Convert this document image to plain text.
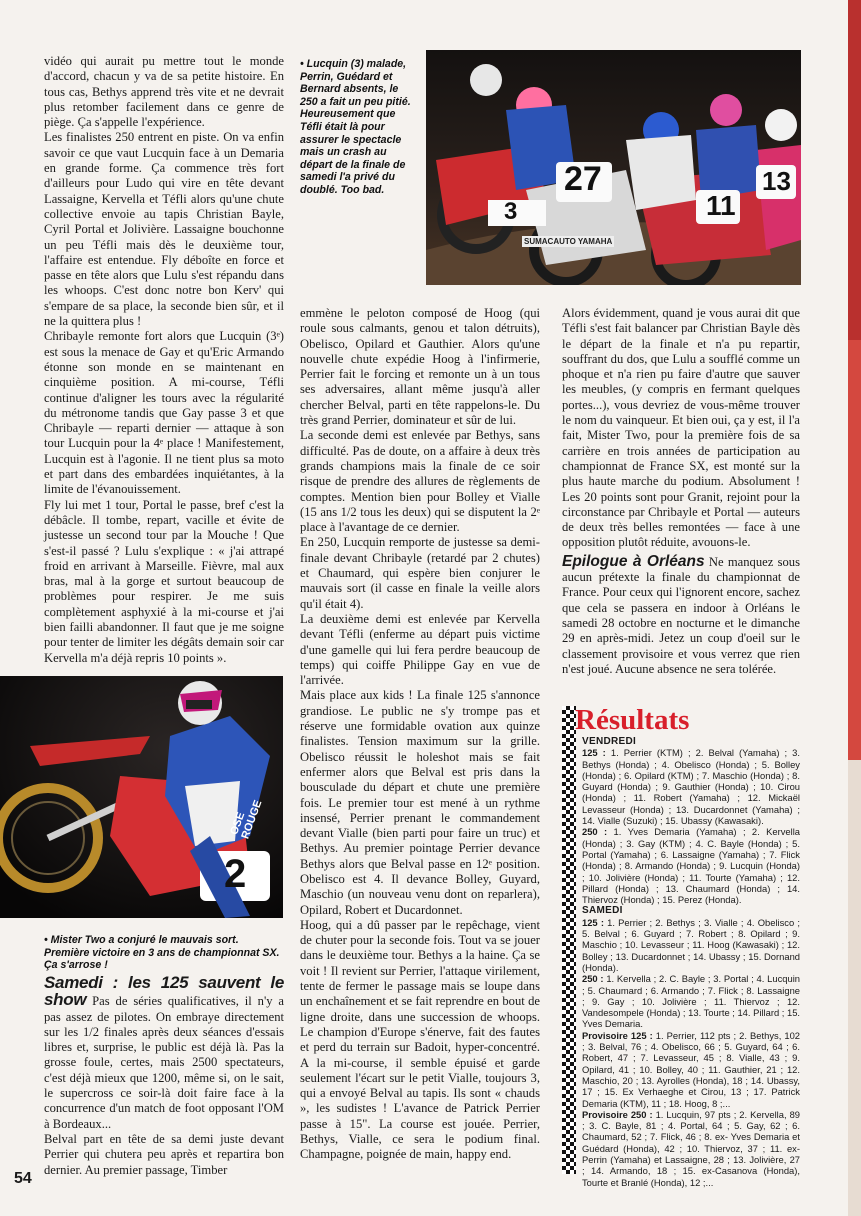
vidéo qui aurait pu mettre tout le monde d'accord, chacun y va de sa petite histoire. En tous cas, Bethys apprend très vite et ne devrait plus retomber facilement dans ce genre de piège. Ça s'appelle l'expérience.

Les finalistes 250 entrent en piste. On va enfin savoir ce que vaut Lucquin face à un Demaria en grande forme. Ça commence très fort d'ailleurs pour Ludo qui vire en tête devant Lassaigne, Kervella et Téfli alors qu'une chute collective envoie au tapis Christian Bayle, Cyril Portal et Jolivière. Lassaigne bouchonne un peu Téfli mais dès le deuxième tour, l'affaire est entendue. Fly déboîte en force et passe en tête alors que Lulu s'est répandu dans les whoops. C'est donc notre bon Kerv' qui s'empare de sa place, la seconde bien sûr, et il ne la quittera plus !

Chribayle remonte fort alors que Lucquin (3ᵉ) est sous la menace de Gay et qu'Eric Armando étonne son monde en se maintenant en cinquième position. A mi-course, Téfli continue d'aligner les tours avec la régularité du métronome tandis que Gay passe 3 et que Chribayle — reparti dernier — attaque à son tour Lucquin pour la 4ᵉ place ! Manifestement, Lucquin est à l'agonie. Il ne tient plus sa moto et part dans des embardées inquiétantes, à la limite de l'évanouissement.

Fly lui met 1 tour, Portal le passe, bref c'est la débâcle. Il tombe, repart, vacille et évite de justesse un second tour par la Mouche ! Que s'est-il passé ? Lulu s'explique : « j'ai attrapé froid en arrivant à Marseille. Fièvre, mal aux bras, mal à la gorge et surtout beaucoup de problèmes pour respirer. Je me suis complètement asphyxié à la mi-course et j'ai bien failli abandonner. Il faut que je me soigne pour tenter de limiter les dégâts demain soir car Kervella m'a déjà repris 10 points ».

2
OSE ROUGE
• Mister Two a conjuré le mauvais sort. Première victoire en 3 ans de championnat SX. Ça s'arrose !

Samedi : les 125 sauvent le show Pas de séries qualificatives, il n'y a pas assez de pilotes. On embraye directement sur les 1/2 finales après deux séances d'essais libres et, surprise, le public est déjà là. Pas la grosse foule, certes, mais 2500 spectateurs, c'est déjà mieux que 1200, même si, on le sait, le supercross ce soir-là doit faire face à la concurrence d'un match de foot opposant l'OM à Bordeaux...

Belval part en tête de sa demi juste devant Perrier qui chutera peu après et repartira bon dernier. Au premier passage, Timber

• Lucquin (3) malade, Perrin, Guédard et Bernard absents, le 250 a fait un peu pitié. Heureusement que Téfli était là pour assurer le spectacle mais un crash au départ de la finale de samedi l'a privé du doublé. Too bad.
3
27
11
13
SUMACAUTO YAMAHA

emmène le peloton composé de Hoog (qui roule sous calmants, genou et talon détruits), Obelisco, Opilard et Gauthier. Alors qu'une nouvelle chute expédie Hoog à l'infirmerie, Perrier fait le forcing et remonte un à un tous ses adversaires, allant même jusqu'à aller chercher Belval, parti en tête rappelons-le. Du très grand Perrier, dominateur et sûr de lui.

La seconde demi est enlevée par Bethys, sans difficulté. Pas de doute, on a affaire à deux très grands champions mais la finale de ce soir risque de prendre des allures de règlements de comptes. Mention bien pour Bolley et Vialle (15 ans 1/2 tous les deux) qui se disputent la 2ᵉ place à l'avantage de ce dernier.

En 250, Lucquin remporte de justesse sa demi-finale devant Chribayle (retardé par 2 chutes) et Chaumard, qui espère bien conjurer le mauvais sort (il casse en finale la veille alors qu'il était 4).

La deuxième demi est enlevée par Kervella devant Téfli (enferme au départ puis victime d'une gamelle qui lui fera perdre beaucoup de temps) qui coiffe Philippe Gay en vue de l'arrivée.

Mais place aux kids ! La finale 125 s'annonce grandiose. Le public ne s'y trompe pas et réserve une formidable ovation aux quinze finalistes. Tension maximum sur la grille. Obelisco réussit le holeshot mais se fait enfermer alors que Belval est pris dans la bousculade du départ et chute une première fois. Le premier tour est mené à un rythme insensé, Perrier prenant le commandement devant Vialle (bien parti pour faire un truc) et Bethys. Au premier pointage Perrier devance Bethys alors que Belval passe en 12ᵉ position. Obelisco est 4. Il devance Bolley, Guyard, Maschio (un nouveau venu dont on reparlera), Opilard, Robert et Ducardonnet.

Hoog, qui a dû passer par le repêchage, vient de chuter pour la seconde fois. Tout va se jouer dans le deuxième tour. Bethys a la haine. Ça se voit ! Il revient sur Perrier, l'attaque virilement, tente de fermer le passage mais se loupe dans un enchaînement et se fait reprendre en bout de ligne droite, dans une succession de whoops. Le champion d'Europe s'énerve, fait des fautes et perd du terrain sur Badoit, hyper-concentré. A la mi-course, il semble épuisé et garde seulement l'écart sur le petit Vialle, toujours 3, qui a envoyé Belval au tapis. Ils sont « chauds », les sudistes ! L'avance de Patrick Perrier passe à 15". La course est jouée. Perrier, Bethys, Vialle, ce sera le podium final. Champagne, poignée de main, happy end.

Alors évidemment, quand je vous aurai dit que Téfli s'est fait balancer par Christian Bayle dès le départ de la finale et n'a pu repartir, souffrant du dos, que Lulu a soufflé comme un phoque et n'a rien pu faire d'autre que sauver les meubles, (y compris en fermant quelques portes...), vous devriez de vous-même trouver le nom du vainqueur. Et bien oui, ça y est, il l'a fait, Mister Two, pour la première fois de sa carrière en trois années de participation au championnat de France SX, est monté sur la plus haute marche du podium. Absolument ! Les 20 points sont pour Granit, rejoint pour la circonstance par Chribayle et Portal — auteurs de deux très belles remontées — face à une opposition plutôt réduite, avouons-le.

Epilogue à Orléans Ne manquez sous aucun prétexte la finale du championnat de France. Pour ceux qui l'ignorent encore, sachez que cela se passera en indoor à Orléans le samedi 28 octobre en nocturne et le dimanche 29 en après-midi. Jetez un coup d'oeil sur le classement provisoire et vous verrez que rien n'est joué. Aucune absence ne sera tolérée.

Résultats
VENDREDI
125 : 1. Perrier (KTM) ; 2. Belval (Yamaha) ; 3. Bethys (Honda) ; 4. Obelisco (Honda) ; 5. Bolley (Honda) ; 6. Opilard (KTM) ; 7. Maschio (Honda) ; 8. Guyard (Honda) ; 9. Gauthier (Honda) ; 10. Cirou (Honda) ; 11. Robert (Yamaha) ; 12. Mickaël Levasseur (Honda) ; 13. Ducardonnet (Yamaha) ; 14. Vialle (Suzuki) ; 15. Ubassy (Kawasaki).
250 : 1. Yves Demaria (Yamaha) ; 2. Kervella (Honda) ; 3. Gay (KTM) ; 4. C. Bayle (Honda) ; 5. Portal (Yamaha) ; 6. Lassaigne (Yamaha) ; 7. Flick (Honda) ; 8. Armando (Honda) ; 9. Lucquin (Honda) ; 10. Jolivière (Honda) ; 11. Tourte (Yamaha) ; 12. Pillard (Honda) ; 13. Chaumard (Honda) ; 14. Thiervoz (Honda) ; 15. Perez (Honda).
SAMEDI
125 : 1. Perrier ; 2. Bethys ; 3. Vialle ; 4. Obelisco ; 5. Belval ; 6. Guyard ; 7. Robert ; 8. Opilard ; 9. Maschio ; 10. Levasseur ; 11. Hoog (Kawasaki) ; 12. Bolley ; 13. Ducardonnet ; 14. Ubassy ; 15. Dornand (Honda).
250 : 1. Kervella ; 2. C. Bayle ; 3. Portal ; 4. Lucquin ; 5. Chaumard ; 6. Armando ; 7. Flick ; 8. Lassaigne ; 9. Gay ; 10. Jolivière ; 11. Thiervoz ; 12. Vandesompele (Honda) ; 13. Tourte ; 14. Pillard ; 15. Yves Demaria.
Provisoire 125 : 1. Perrier, 112 pts ; 2. Bethys, 102 ; 3. Belval, 76 ; 4. Obelisco, 66 ; 5. Guyard, 64 ; 6. Robert, 47 ; 7. Levasseur, 45 ; 8. Vialle, 43 ; 9. Opilard, 41 ; 10. Bolley, 40 ; 11. Gauthier, 21 ; 12. Maschio, 20 ; 13. Ayrolles (Honda), 18 ; 14. Ubassy, 17 ; 15. Ex Verhaeghe et Cirou, 13 ; 17. Patrick Demaria (KTM), 11 ; 18. Hoog, 8 ;...
Provisoire 250 : 1. Lucquin, 97 pts ; 2. Kervella, 89 ; 3. C. Bayle, 81 ; 4. Portal, 64 ; 5. Gay, 62 ; 6. Chaumard, 52 ; 7. Flick, 46 ; 8. ex- Yves Demaria et Guédard (Honda), 42 ; 10. Thiervoz, 37 ; 11. ex- Perrin (Yamaha) et Lassaigne, 28 ; 13. Jolivière, 27 ; 14. Armando, 18 ; 15. ex-Casanova (Honda), Tourte et Branlé (Honda), 12 ;...
54
